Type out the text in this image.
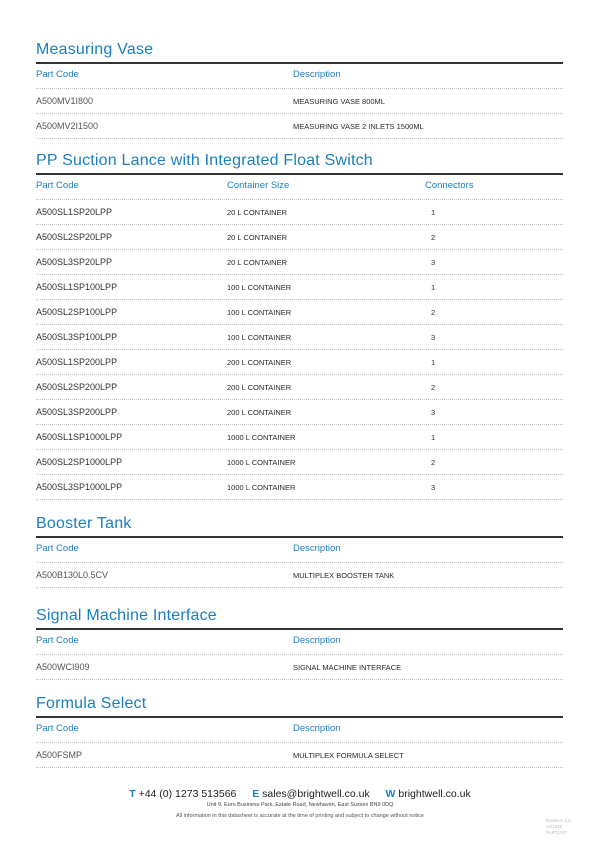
Measuring Vase
Part Code	Description
A500MV1I800	MEASURING VASE 800ML
A500MV2I1500	MEASURING VASE 2 INLETS 1500ML
PP Suction Lance with Integrated Float Switch
Part Code	Container Size	Connectors
A500SL1SP20LPP	20 L CONTAINER	1
A500SL2SP20LPP	20 L CONTAINER	2
A500SL3SP20LPP	20 L CONTAINER	3
A500SL1SP100LPP	100 L CONTAINER	1
A500SL2SP100LPP	100 L CONTAINER	2
A500SL3SP100LPP	100 L CONTAINER	3
A500SL1SP200LPP	200 L CONTAINER	1
A500SL2SP200LPP	200 L CONTAINER	2
A500SL3SP200LPP	200 L CONTAINER	3
A500SL1SP1000LPP	1000 L CONTAINER	1
A500SL2SP1000LPP	1000 L CONTAINER	2
A500SL3SP1000LPP	1000 L CONTAINER	3
Booster Tank
Part Code	Description
A500B130L0.5CV	MULTIPLEX BOOSTER TANK
Signal Machine Interface
Part Code	Description
A500WCI909	SIGNAL MACHINE INTERFACE
Formula Select
Part Code	Description
A500FSMP	MULTIPLEX FORMULA SELECT
T +44 (0) 1273 513566 E sales@brightwell.co.uk W brightwell.co.uk
Unit 9, Euro Business Park, Estate Road, Newhaven, East Sussex BN9 0DQ
All information in this datasheet is accurate at the time of printing and subject to change without notice
Revision 1.0
10/2020
PARTLIST
